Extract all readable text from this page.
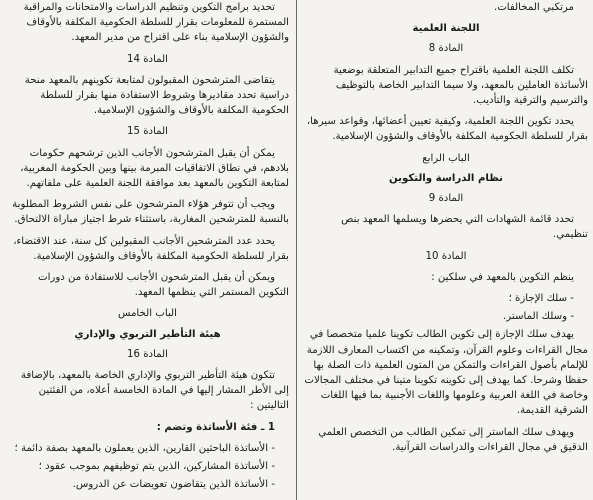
مرتكبي المخالفات.

اللجنة العلمية
المادة 8

تكلف اللجنة العلمية باقتراح جميع التدابير المتعلقة بوضعية الأساتذة العاملين بالمعهد، ولا سيما التدابير الخاصة بالتوظيف والترسيم والترقية والتأديب.

يحدد تكوين اللجنة العلمية، وكيفية تعيين أعضائها، وقواعد سيرها، بقرار للسلطة الحكومية المكلفة بالأوقاف والشؤون الإسلامية.

الباب الرابع
نظام الدراسة والتكوين
المادة 9

تحدد قائمة الشهادات التي يحضرها ويسلمها المعهد بنص تنظيمي.

المادة 10

ينظم التكوين بالمعهد في سلكين :

- سلك الإجازة ؛

- وسلك الماستر.

يهدف سلك الإجازة إلى تكوين الطالب تكوينا علميا متخصصا في مجال القراءات وعلوم القرآن، وتمكينه من اكتساب المعارف اللازمة للإلمام بأصول القراءات والتمكن من المتون العلمية ذات الصلة بها حفظا وشرحا. كما يهدف إلى تكوينه تكوينا متينا في مختلف المجالات وخاصة في اللغة العربية وعلومها واللغات الأجنبية بما فيها اللغات الشرقية القديمة.

ويهدف سلك الماستر إلى تمكين الطالب من التخصص العلمي الدقيق في مجال القراءات والدراسات القرآنية.

تحديد برامج التكوين وتنظيم الدراسات والامتحانات والمراقبة المستمرة للمعلومات بقرار للسلطة الحكومية المكلفة بالأوقاف والشؤون الإسلامية بناء على اقتراح من مدير المعهد.

المادة 14

يتقاضى المترشحون المقبولون لمتابعة تكوينهم بالمعهد منحة دراسية تحدد مقاديرها وشروط الاستفادة منها بقرار للسلطة الحكومية المكلفة بالأوقاف والشؤون الإسلامية.

المادة 15

يمكن أن يقبل المترشحون الأجانب الذين ترشحهم حكومات بلادهم، في نطاق الاتفاقيات المبرمة بينها وبين الحكومة المغربية، لمتابعة التكوين بالمعهد بعد موافقة اللجنة العلمية على ملفاتهم.

ويجب أن تتوفر هؤلاء المترشحون على نفس الشروط المطلوبة بالنسبة للمترشحين المغاربة، باستثناء شرط اجتياز مباراة الالتحاق.

يحدد عدد المترشحين الأجانب المقبولين كل سنة، عند الاقتضاء، بقرار للسلطة الحكومية المكلفة بالأوقاف والشؤون الإسلامية.

ويمكن أن يقبل المترشحون الأجانب للاستفادة من دورات التكوين المستمر التي ينظمها المعهد.

الباب الخامس
هيئة التأطير التربوي والإداري
المادة 16

تتكون هيئة التأطير التربوي والإداري الخاصة بالمعهد، بالإضافة إلى الأطر المشار إليها في المادة الخامسة أعلاه، من الفئتين التاليتين :

1 ـ فئة الأساتذة وتضم :

- الأساتذة الباحثين القارين، الذين يعملون بالمعهد بصفة دائمة ؛

- الأساتذة المشاركين، الذين يتم توظيفهم بموجب عقود ؛

- الأساتذة الذين يتقاضون تعويضات عن الدروس.
